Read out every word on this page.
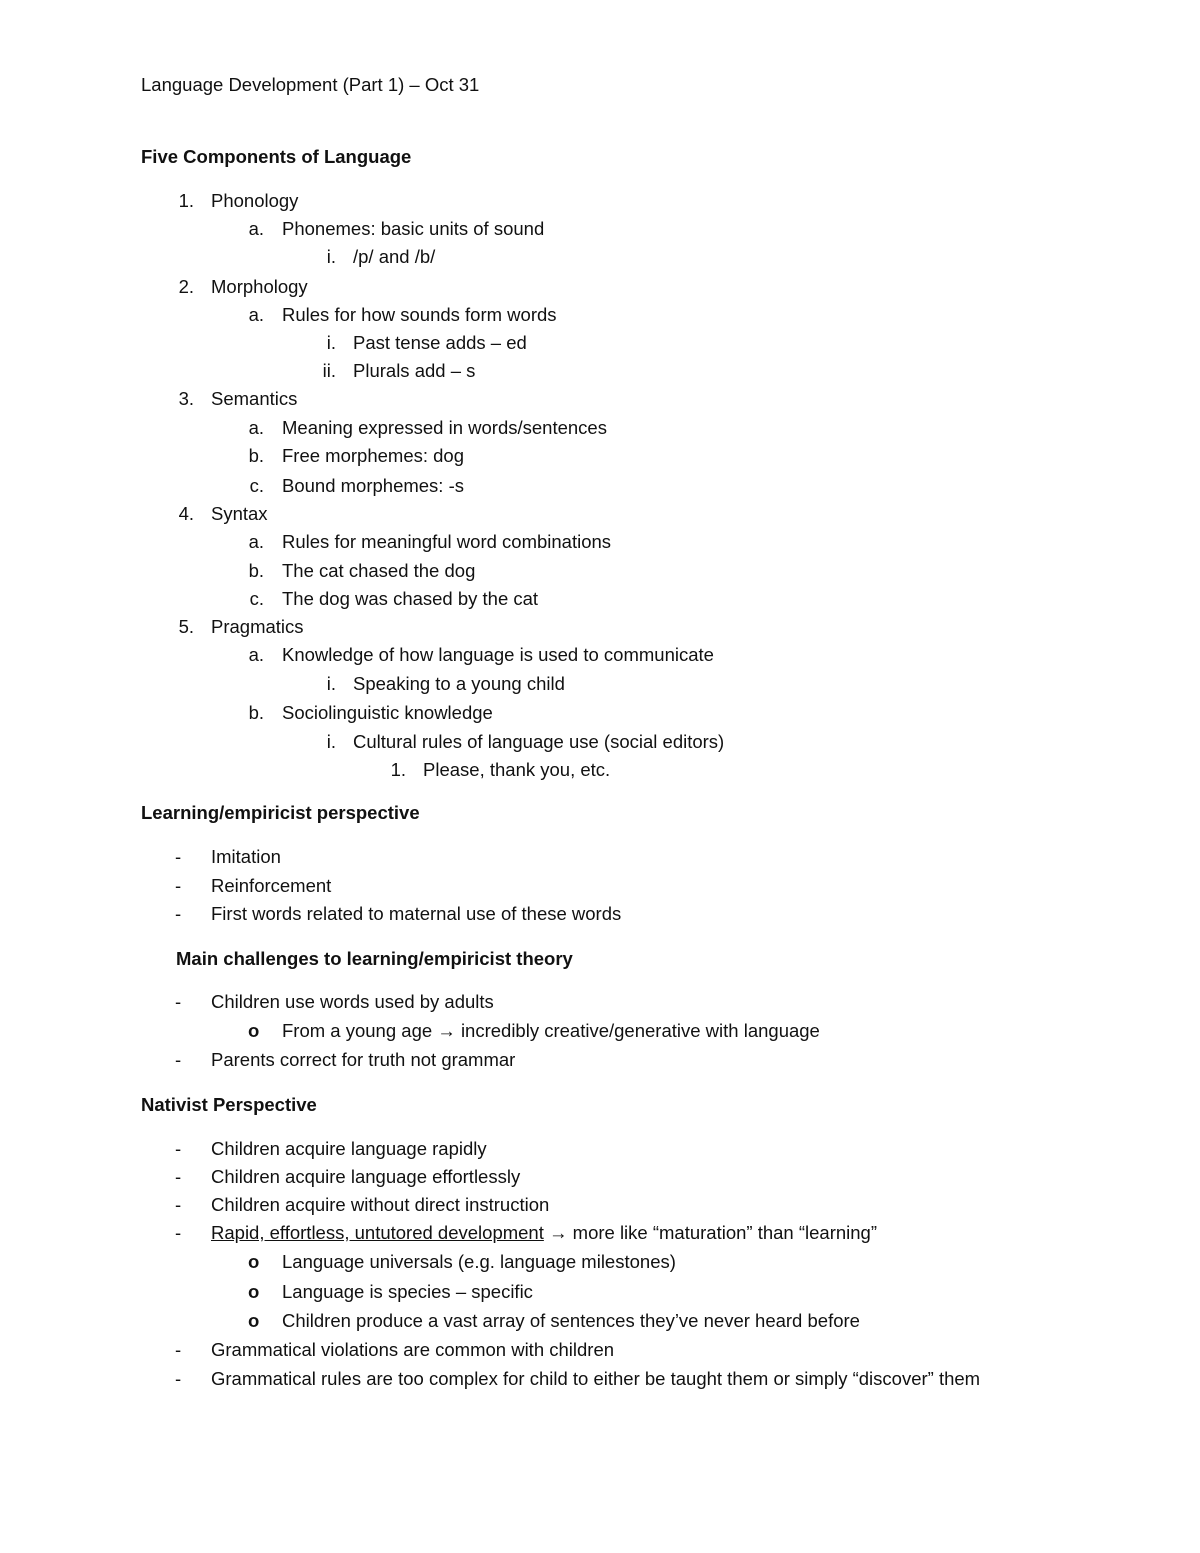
Language Development (Part 1) – Oct 31
Five Components of Language
1. Phonology
a. Phonemes: basic units of sound
i. /p/ and /b/
2. Morphology
a. Rules for how sounds form words
i. Past tense adds – ed
ii. Plurals add – s
3. Semantics
a. Meaning expressed in words/sentences
b. Free morphemes: dog
c. Bound morphemes: -s
4. Syntax
a. Rules for meaningful word combinations
b. The cat chased the dog
c. The dog was chased by the cat
5. Pragmatics
a. Knowledge of how language is used to communicate
i. Speaking to a young child
b. Sociolinguistic knowledge
i. Cultural rules of language use (social editors)
1. Please, thank you, etc.
Learning/empiricist perspective
- Imitation
- Reinforcement
- First words related to maternal use of these words
Main challenges to learning/empiricist theory
- Children use words used by adults
o From a young age → incredibly creative/generative with language
- Parents correct for truth not grammar
Nativist Perspective
- Children acquire language rapidly
- Children acquire language effortlessly
- Children acquire without direct instruction
- Rapid, effortless, untutored development → more like “maturation” than “learning”
o Language universals (e.g. language milestones)
o Language is species – specific
o Children produce a vast array of sentences they’ve never heard before
- Grammatical violations are common with children
- Grammatical rules are too complex for child to either be taught them or simply “discover” them
